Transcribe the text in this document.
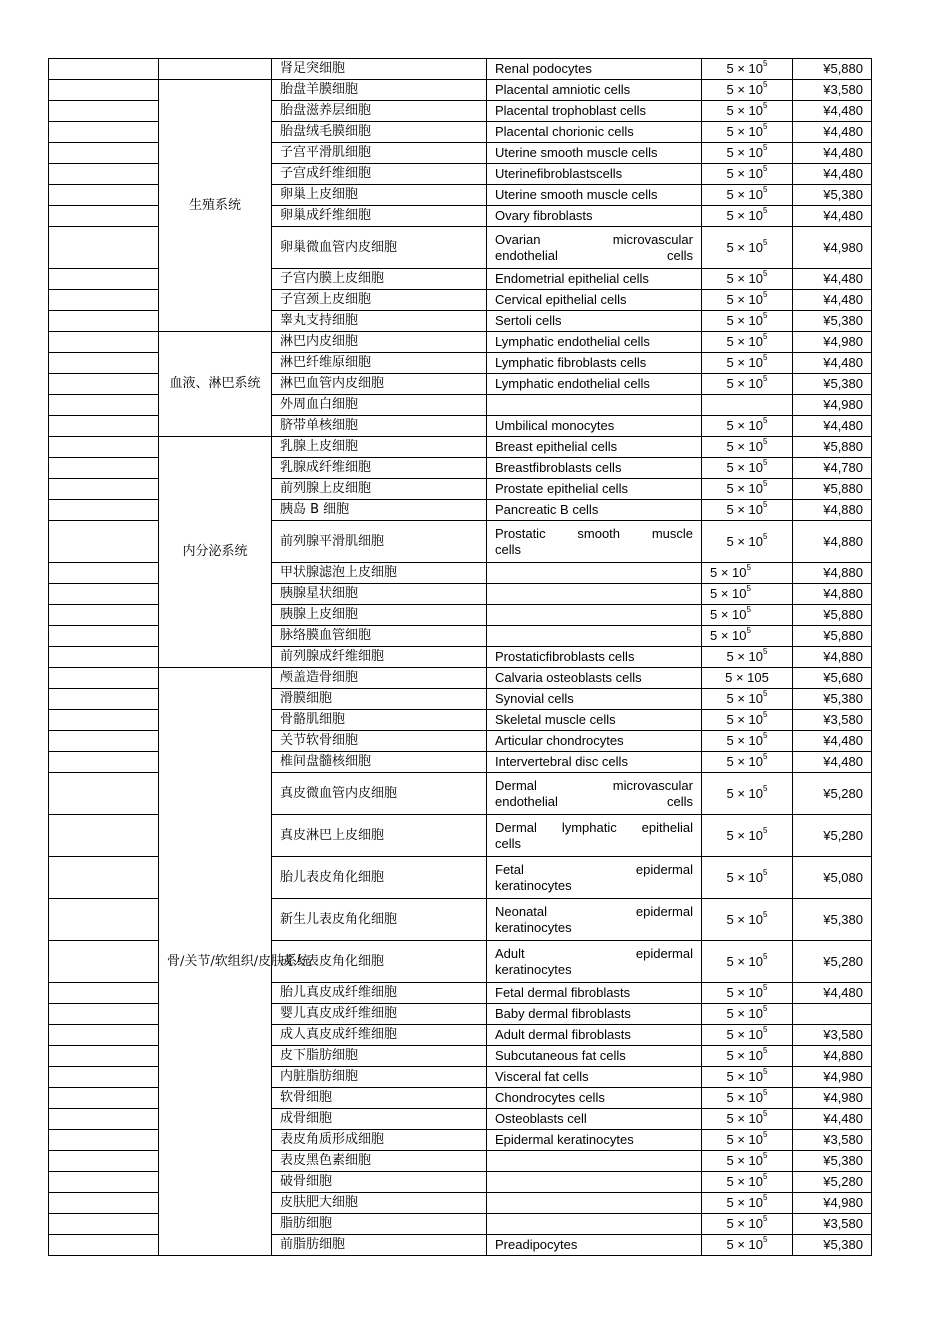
		肾足突细胞	Renal podocytes	$5 \times 10^5$	¥5,880
	生殖系统	胎盘羊膜细胞	Placental amniotic cells	$5 \times 10^5$	¥3,580
		胎盘滋养层细胞	Placental trophoblast cells	$5 \times 10^5$	¥4,480
		胎盘绒毛膜细胞	Placental chorionic cells	$5 \times 10^5$	¥4,480
		子宫平滑肌细胞	Uterine smooth muscle cells	$5 \times 10^5$	¥4,480
		子宫成纤维细胞	Uterinefibroblastscells	$5 \times 10^5$	¥4,480
		卵巢上皮细胞	Uterine smooth muscle cells	$5 \times 10^5$	¥5,380
		卵巢成纤维细胞	Ovary fibroblasts	$5 \times 10^5$	¥4,480
		卵巢微血管内皮细胞	Ovarian microvascular
endothelial cells	$5 \times 10^5$	¥4,980
		子宫内膜上皮细胞	Endometrial epithelial cells	$5 \times 10^5$	¥4,480
		子宫颈上皮细胞	Cervical epithelial cells	$5 \times 10^5$	¥4,480
		睾丸支持细胞	Sertoli cells	$5 \times 10^5$	¥5,380
	血液、淋巴系统	淋巴内皮细胞	Lymphatic endothelial cells	$5 \times 10^5$	¥4,980
		淋巴纤维原细胞	Lymphatic fibroblasts cells	$5 \times 10^5$	¥4,480
		淋巴血管内皮细胞	Lymphatic endothelial cells	$5 \times 10^5$	¥5,380
		外周血白细胞			¥4,980
		脐带单核细胞	Umbilical monocytes	$5 \times 10^5$	¥4,480
	内分泌系统	乳腺上皮细胞	Breast epithelial cells	$5 \times 10^5$	¥5,880
		乳腺成纤维细胞	Breastfibroblasts cells	$5 \times 10^5$	¥4,780
		前列腺上皮细胞	Prostate epithelial cells	$5 \times 10^5$	¥5,880
		胰岛 B 细胞	Pancreatic B cells	$5 \times 10^5$	¥4,880
		前列腺平滑肌细胞	Prostatic smooth muscle
cells	$5 \times 10^5$	¥4,880
		甲状腺滤泡上皮细胞		$5 \times 10^5$	¥4,880
		胰腺星状细胞		$5 \times 10^5$	¥4,880
		胰腺上皮细胞		$5 \times 10^5$	¥5,880
		脉络膜血管细胞		$5 \times 10^5$	¥5,880
		前列腺成纤维细胞	Prostaticfibroblasts cells	$5 \times 10^5$	¥4,880
	骨/关节/软组织/皮肤系统	颅盖造骨细胞	Calvaria osteoblasts cells	5 × 105	¥5,680
		滑膜细胞	Synovial cells	$5 \times 10^5$	¥5,380
		骨骼肌细胞	Skeletal muscle cells	$5 \times 10^5$	¥3,580
		关节软骨细胞	Articular chondrocytes	$5 \times 10^5$	¥4,480
		椎间盘髓核细胞	Intervertebral disc cells	$5 \times 10^5$	¥4,480
		真皮微血管内皮细胞	Dermal microvascular
endothelial cells	$5 \times 10^5$	¥5,280
		真皮淋巴上皮细胞	Dermal lymphatic epithelial
cells	$5 \times 10^5$	¥5,280
		胎儿表皮角化细胞	Fetal epidermal
keratinocytes	$5 \times 10^5$	¥5,080
		新生儿表皮角化细胞	Neonatal epidermal
keratinocytes	$5 \times 10^5$	¥5,380
		成人表皮角化细胞	Adult epidermal
keratinocytes	$5 \times 10^5$	¥5,280
		胎儿真皮成纤维细胞	Fetal dermal fibroblasts	$5 \times 10^5$	¥4,480
		婴儿真皮成纤维细胞	Baby dermal fibroblasts	$5 \times 10^5$	
		成人真皮成纤维细胞	Adult dermal fibroblasts	$5 \times 10^5$	¥3,580
		皮下脂肪细胞	Subcutaneous fat cells	$5 \times 10^5$	¥4,880
		内脏脂肪细胞	Visceral fat cells	$5 \times 10^5$	¥4,980
		软骨细胞	Chondrocytes cells	$5 \times 10^5$	¥4,980
		成骨细胞	Osteoblasts cell	$5 \times 10^5$	¥4,480
		表皮角质形成细胞	Epidermal keratinocytes	$5 \times 10^5$	¥3,580
		表皮黑色素细胞		$5 \times 10^5$	¥5,380
		破骨细胞		$5 \times 10^5$	¥5,280
		皮肤肥大细胞		$5 \times 10^5$	¥4,980
		脂肪细胞		$5 \times 10^5$	¥3,580
		前脂肪细胞	Preadipocytes	$5 \times 10^5$	¥5,380
